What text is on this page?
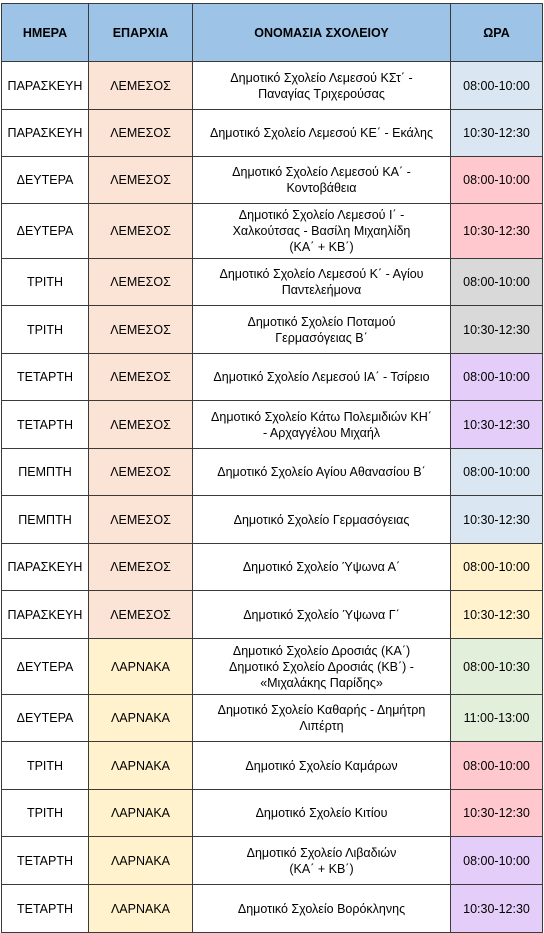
ΗΜΕΡΑ	ΕΠΑΡΧΙΑ	ΟΝΟΜΑΣΙΑ ΣΧΟΛΕΙΟΥ	ΩΡΑ
ΠΑΡΑΣΚΕΥΗ	ΛΕΜΕΣΟΣ	Δημοτικό Σχολείο Λεμεσού ΚΣτ΄ -
Παναγίας Τριχερούσας	08:00-10:00
ΠΑΡΑΣΚΕΥΗ	ΛΕΜΕΣΟΣ	Δημοτικό Σχολείο Λεμεσού ΚΕ΄ - Εκάλης	10:30-12:30
ΔΕΥΤΕΡΑ	ΛΕΜΕΣΟΣ	Δημοτικό Σχολείο Λεμεσού ΚΑ΄ -
Κοντοβάθεια	08:00-10:00
ΔΕΥΤΕΡΑ	ΛΕΜΕΣΟΣ	Δημοτικό Σχολείο Λεμεσού Ι΄ -
Χαλκούτσας - Βασίλη Μιχαηλίδη
(ΚΑ΄ + ΚΒ΄)	10:30-12:30
ΤΡΙΤΗ	ΛΕΜΕΣΟΣ	Δημοτικό Σχολείο Λεμεσού Κ΄ - Αγίου
Παντελεήμονα	08:00-10:00
ΤΡΙΤΗ	ΛΕΜΕΣΟΣ	Δημοτικό Σχολείο Ποταμού
Γερμασόγειας Β΄	10:30-12:30
ΤΕΤΑΡΤΗ	ΛΕΜΕΣΟΣ	Δημοτικό Σχολείο Λεμεσού ΙΑ΄ - Τσίρειο	08:00-10:00
ΤΕΤΑΡΤΗ	ΛΕΜΕΣΟΣ	Δημοτικό Σχολείο Κάτω Πολεμιδιών ΚΗ΄
- Αρχαγγέλου Μιχαήλ	10:30-12:30
ΠΕΜΠΤΗ	ΛΕΜΕΣΟΣ	Δημοτικό Σχολείο Αγίου Αθανασίου Β΄	08:00-10:00
ΠΕΜΠΤΗ	ΛΕΜΕΣΟΣ	Δημοτικό Σχολείο Γερμασόγειας	10:30-12:30
ΠΑΡΑΣΚΕΥΗ	ΛΕΜΕΣΟΣ	Δημοτικό Σχολείο Ύψωνα Α΄	08:00-10:00
ΠΑΡΑΣΚΕΥΗ	ΛΕΜΕΣΟΣ	Δημοτικό Σχολείο Ύψωνα Γ΄	10:30-12:30
ΔΕΥΤΕΡΑ	ΛΑΡΝΑΚΑ	Δημοτικό Σχολείο Δροσιάς (ΚΑ΄)
Δημοτικό Σχολείο Δροσιάς (ΚΒ΄) -
«Μιχαλάκης Παρίδης»	08:00-10:30
ΔΕΥΤΕΡΑ	ΛΑΡΝΑΚΑ	Δημοτικό Σχολείο Καθαρής - Δημήτρη
Λιπέρτη	11:00-13:00
ΤΡΙΤΗ	ΛΑΡΝΑΚΑ	Δημοτικό Σχολείο Καμάρων	08:00-10:00
ΤΡΙΤΗ	ΛΑΡΝΑΚΑ	Δημοτικό Σχολείο Κιτίου	10:30-12:30
ΤΕΤΑΡΤΗ	ΛΑΡΝΑΚΑ	Δημοτικό Σχολείο Λιβαδιών
(ΚΑ΄ + ΚΒ΄)	08:00-10:00
ΤΕΤΑΡΤΗ	ΛΑΡΝΑΚΑ	Δημοτικό Σχολείο Βορόκληνης	10:30-12:30
